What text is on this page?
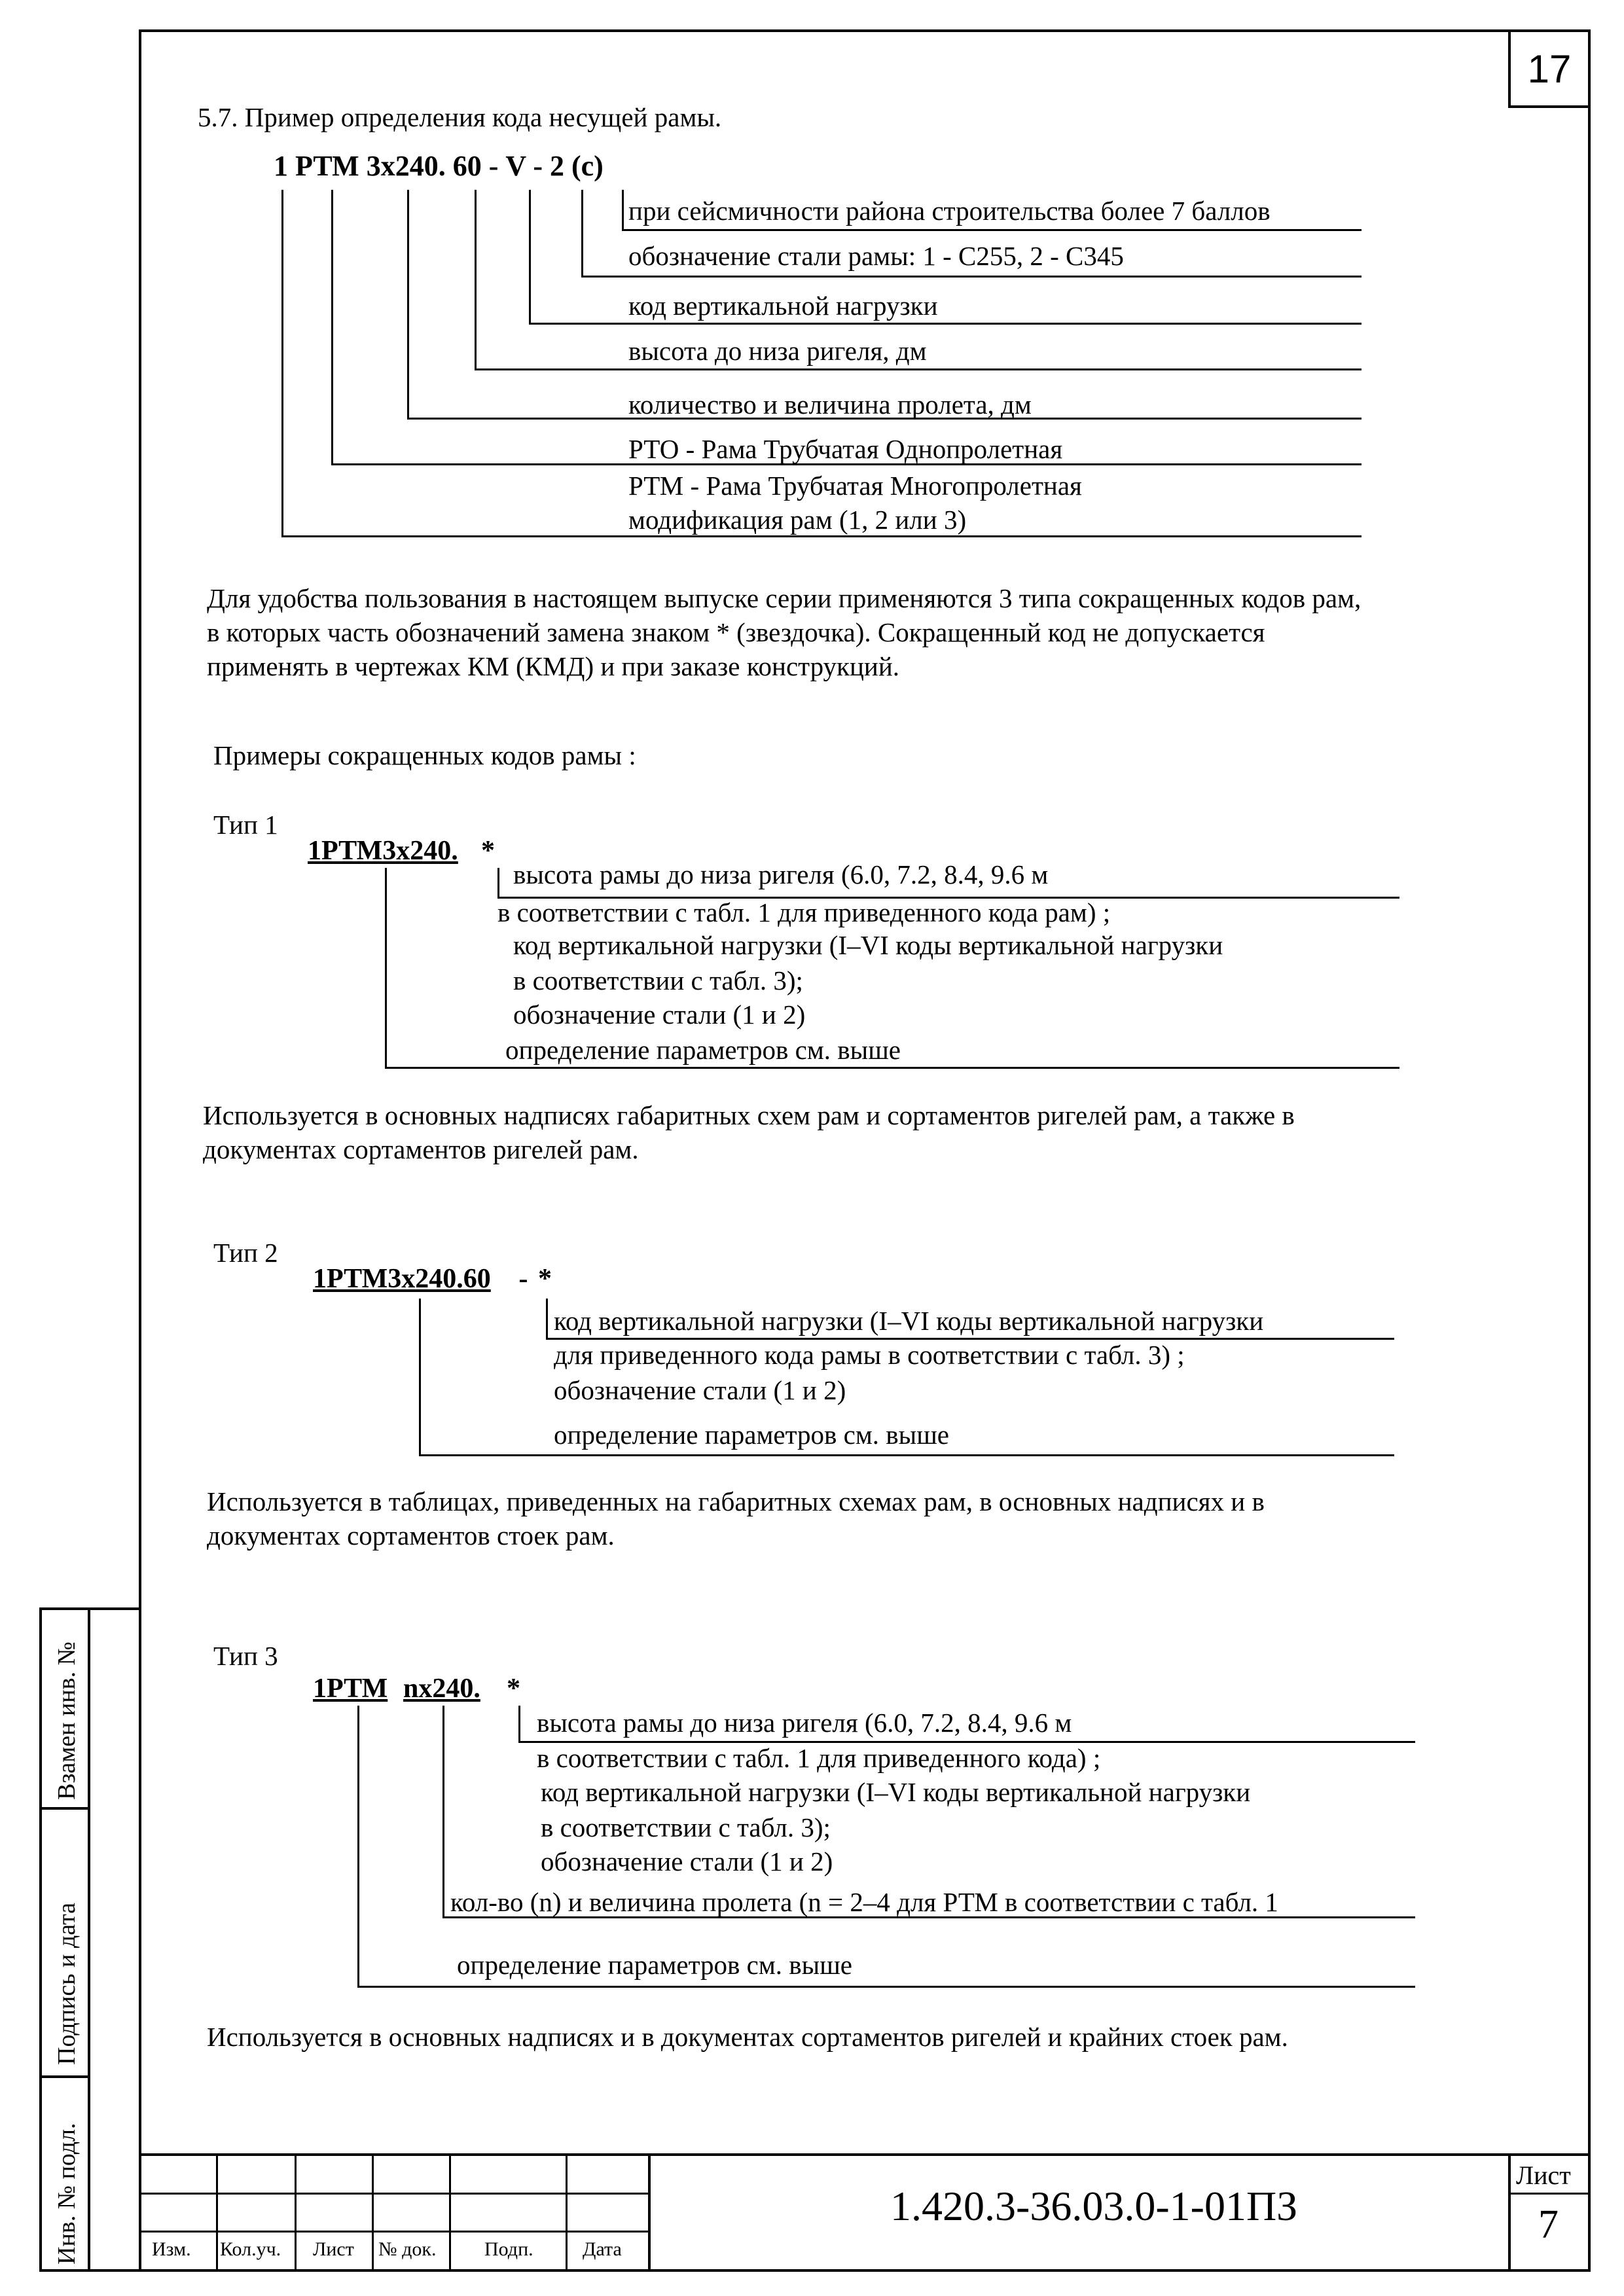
17
Взамен инв. №
Подпись и дата
Инв. № подл.
5.7. Пример определения кода несущей рамы.
1 РТМ 3х240. 60 - V - 2 (с)
при сейсмичности района строительства более 7 баллов
обозначение стали рамы: 1 - С255, 2 - С345
код вертикальной нагрузки
высота до низа ригеля, дм
количество и величина пролета, дм
РТО - Рама Трубчатая Однопролетная
РТМ - Рама Трубчатая Многопролетная
модификация рам (1, 2 или 3)
Для удобства пользования в настоящем выпуске серии применяются 3 типа сокращенных кодов рам,
в которых часть обозначений замена знаком * (звездочка). Сокращенный код не допускается
применять в чертежах КМ (КМД) и при заказе конструкций.
Примеры сокращенных кодов рамы :
Тип 1
1РТМ3х240. *
высота рамы до низа ригеля (6.0, 7.2, 8.4, 9.6 м
в соответствии с табл. 1 для приведенного кода рам) ;
код вертикальной нагрузки (I–VI коды вертикальной нагрузки
в соответствии с табл. 3);
обозначение стали (1 и 2)
определение параметров см. выше
Используется в основных надписях габаритных схем рам и сортаментов ригелей рам, а также в
документах сортаментов ригелей рам.
Тип 2
1РТМ3х240.60 - *
код вертикальной нагрузки (I–VI коды вертикальной нагрузки
для приведенного кода рамы в соответствии с табл. 3) ;
обозначение стали (1 и 2)
определение параметров см. выше
Используется в таблицах, приведенных на габаритных схемах рам, в основных надписях и в
документах сортаментов стоек рам.
Тип 3
1РТМ nх240. *
высота рамы до низа ригеля (6.0, 7.2, 8.4, 9.6 м
в соответствии с табл. 1 для приведенного кода) ;
код вертикальной нагрузки (I–VI коды вертикальной нагрузки
в соответствии с табл. 3);
обозначение стали (1 и 2)
кол-во (n) и величина пролета (n = 2–4 для РТМ в соответствии с табл. 1
определение параметров см. выше
Используется в основных надписях и в документах сортаментов ригелей и крайних стоек рам.
Изм. Кол.уч. Лист № док. Подп.	Дата
1.420.3-36.03.0-1-01ПЗ
Лист
7
